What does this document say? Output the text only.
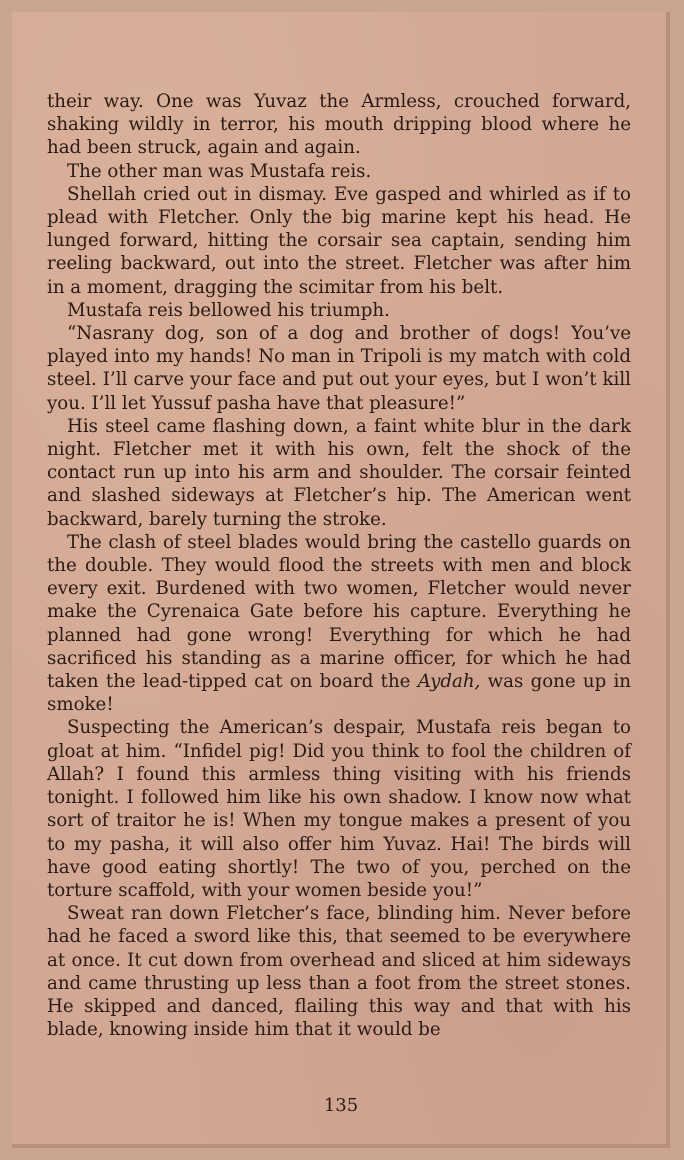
their way. One was Yuvaz the Armless, crouched forward, shaking wildly in terror, his mouth dripping blood where he had been struck, again and again.

The other man was Mustafa reis.

Shellah cried out in dismay. Eve gasped and whirled as if to plead with Fletcher. Only the big marine kept his head. He lunged forward, hitting the corsair sea captain, sending him reeling backward, out into the street. Fletcher was after him in a moment, dragging the scimitar from his belt.

Mustafa reis bellowed his triumph.

“Nasrany dog, son of a dog and brother of dogs! You’ve played into my hands! No man in Tripoli is my match with cold steel. I’ll carve your face and put out your eyes, but I won’t kill you. I’ll let Yussuf pasha have that pleasure!”

His steel came flashing down, a faint white blur in the dark night. Fletcher met it with his own, felt the shock of the contact run up into his arm and shoulder. The corsair feinted and slashed sideways at Fletcher’s hip. The American went backward, barely turning the stroke.

The clash of steel blades would bring the castello guards on the double. They would flood the streets with men and block every exit. Burdened with two women, Fletcher would never make the Cyrenaica Gate before his capture. Everything he planned had gone wrong! Everything for which he had sacrificed his standing as a marine officer, for which he had taken the lead-tipped cat on board the Aydah, was gone up in smoke!

Suspecting the American’s despair, Mustafa reis began to gloat at him. “Infidel pig! Did you think to fool the children of Allah? I found this armless thing visiting with his friends tonight. I followed him like his own shadow. I know now what sort of traitor he is! When my tongue makes a present of you to my pasha, it will also offer him Yuvaz. Hai! The birds will have good eating shortly! The two of you, perched on the torture scaffold, with your women beside you!”

Sweat ran down Fletcher’s face, blinding him. Never before had he faced a sword like this, that seemed to be everywhere at once. It cut down from overhead and sliced at him sideways and came thrusting up less than a foot from the street stones. He skipped and danced, flailing this way and that with his blade, knowing inside him that it would be

135
